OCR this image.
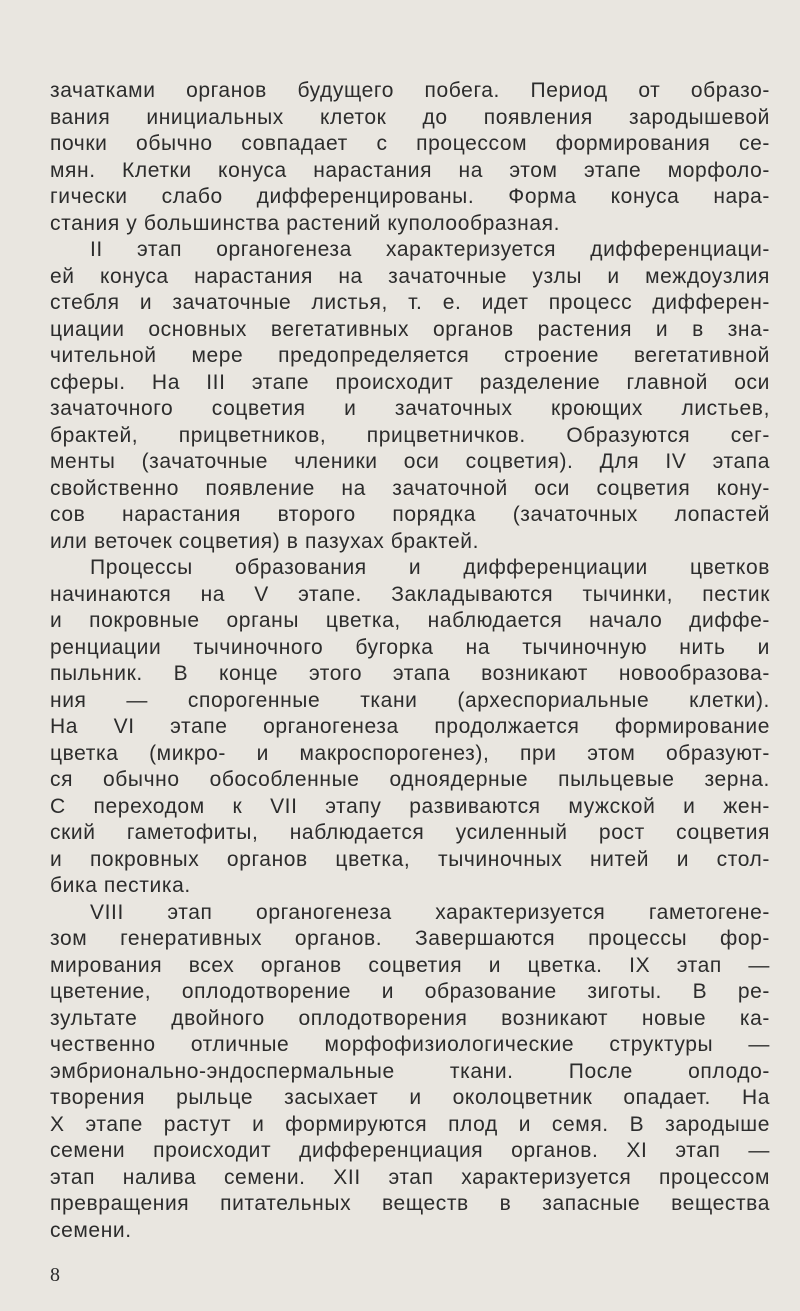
зачатками органов будущего побега. Период от образо-
вания инициальных клеток до появления зародышевой
почки обычно совпадает с процессом формирования се-
мян. Клетки конуса нарастания на этом этапе морфоло-
гически слабо дифференцированы. Форма конуса нара-
стания у большинства растений куполообразная.
II этап органогенеза характеризуется дифференциаци-
ей конуса нарастания на зачаточные узлы и междоузлия
стебля и зачаточные листья, т. е. идет процесс дифферен-
циации основных вегетативных органов растения и в зна-
чительной мере предопределяется строение вегетативной
сферы. На III этапе происходит разделение главной оси
зачаточного соцветия и зачаточных кроющих листьев,
брактей, прицветников, прицветничков. Образуются сег-
менты (зачаточные членики оси соцветия). Для IV этапа
свойственно появление на зачаточной оси соцветия кону-
сов нарастания второго порядка (зачаточных лопастей
или веточек соцветия) в пазухах брактей.
Процессы образования и дифференциации цветков
начинаются на V этапе. Закладываются тычинки, пестик
и покровные органы цветка, наблюдается начало диффе-
ренциации тычиночного бугорка на тычиночную нить и
пыльник. В конце этого этапа возникают новообразова-
ния — спорогенные ткани (археспориальные клетки).
На VI этапе органогенеза продолжается формирование
цветка (микро- и макроспорогенез), при этом образуют-
ся обычно обособленные одноядерные пыльцевые зерна.
С переходом к VII этапу развиваются мужской и жен-
ский гаметофиты, наблюдается усиленный рост соцветия
и покровных органов цветка, тычиночных нитей и стол-
бика пестика.
VIII этап органогенеза характеризуется гаметогене-
зом генеративных органов. Завершаются процессы фор-
мирования всех органов соцветия и цветка. IX этап —
цветение, оплодотворение и образование зиготы. В ре-
зультате двойного оплодотворения возникают новые ка-
чественно отличные морфофизиологические структуры —
эмбрионально-эндоспермальные ткани. После оплодо-
творения рыльце засыхает и околоцветник опадает. На
X этапе растут и формируются плод и семя. В зародыше
семени происходит дифференциация органов. XI этап —
этап налива семени. XII этап характеризуется процессом
превращения питательных веществ в запасные вещества
семени.
8
